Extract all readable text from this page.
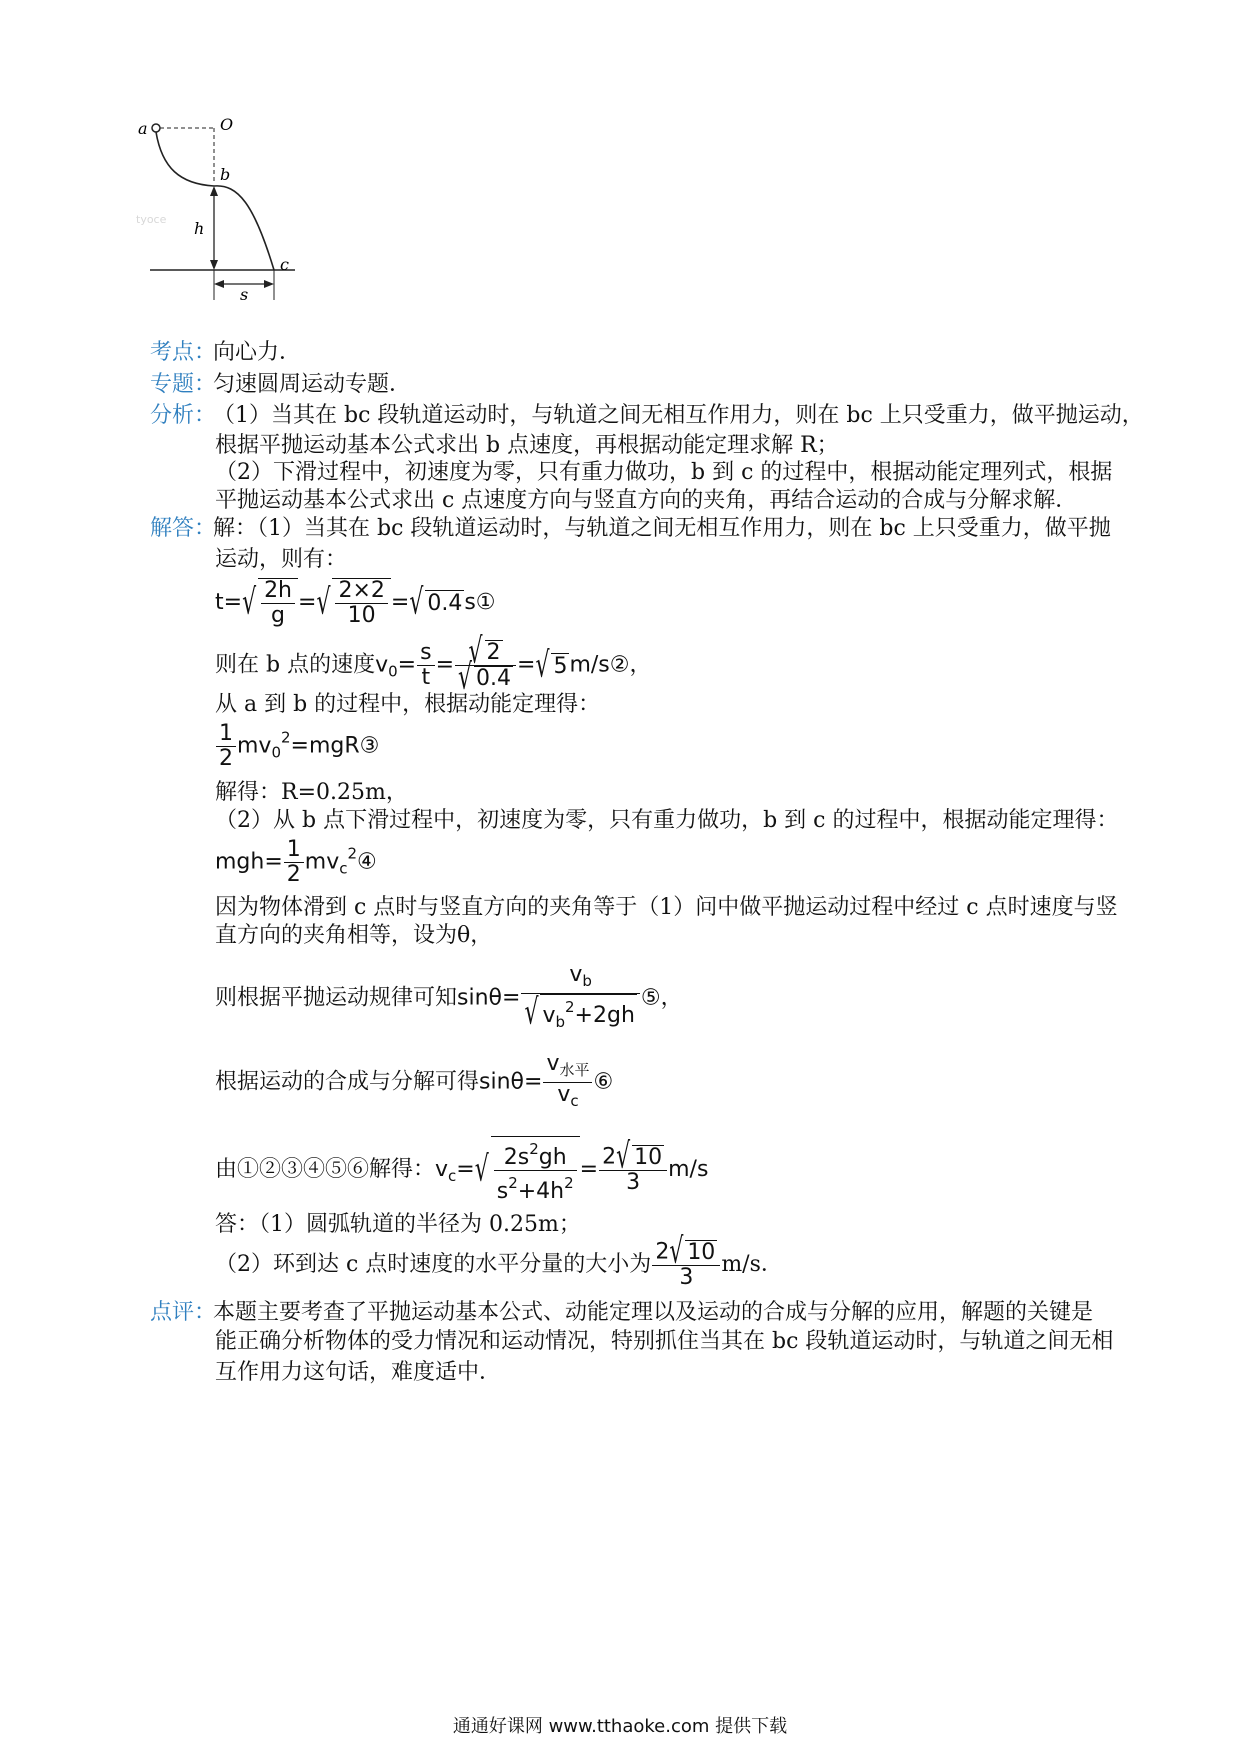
a	O
b
c
h
s
tyoce
考点：向心力．
专题：匀速圆周运动专题．
分析：（1）当其在 bc 段轨道运动时，与轨道之间无相互作用力，则在 bc 上只受重力，做平抛运动，
根据平抛运动基本公式求出 b 点速度，再根据动能定理求解 R；
（2）下滑过程中，初速度为零，只有重力做功，b 到 c 的过程中，根据动能定理列式，根据
平抛运动基本公式求出 c 点速度方向与竖直方向的夹角，再结合运动的合成与分解求解．
解答：解：（1）当其在 bc 段轨道运动时，与轨道之间无相互作用力，则在 bc 上只受重力，做平抛
运动，则有：
t= √ $\frac{2h}{g}$ = √ $\frac{2\times 2}{10}$ = √ 0.4s①
则在 b 点的速度$v_0= \frac{s}{t}$ = √ 2
√ 0.4 = √ 5m/s②，
从 a 到 b 的过程中，根据动能定理得：
$\frac{1}{2}$ $mv_0^2=mgR③$
解得：R=0.25m，
（2）从 b 点下滑过程中，初速度为零，只有重力做功，b 到 c 的过程中，根据动能定理得：
$mgh= \frac{1}{2}$ $mv_c^2④$
因为物体滑到 c 点时与竖直方向的夹角等于（1）问中做平抛运动过程中经过 c 点时速度与竖
直方向的夹角相等，设为θ，
则根据平抛运动规律可知$\sin\theta= v_b$
√ $v_b^2+2gh$ ⑤，
根据运动的合成与分解可得$\sin\theta= \frac{v_{水平}}{v_c}$ ⑥
由①②③④⑤⑥解得：$v_c=$ √ $\frac{2s^2gh}{s^2+4h^2} = \frac{2 √ 10}{3} m/s$
答：（1）圆弧轨道的半径为 0.25m；
（2）环到达 c 点时速度的水平分量的大小为 $\frac{2 √ 10}{3} m/s$．
点评：本题主要考查了平抛运动基本公式、动能定理以及运动的合成与分解的应用，解题的关键是
能正确分析物体的受力情况和运动情况，特别抓住当其在 bc 段轨道运动时，与轨道之间无相
互作用力这句话，难度适中．
通通好课网 www.tthaoke.com 提供下载
